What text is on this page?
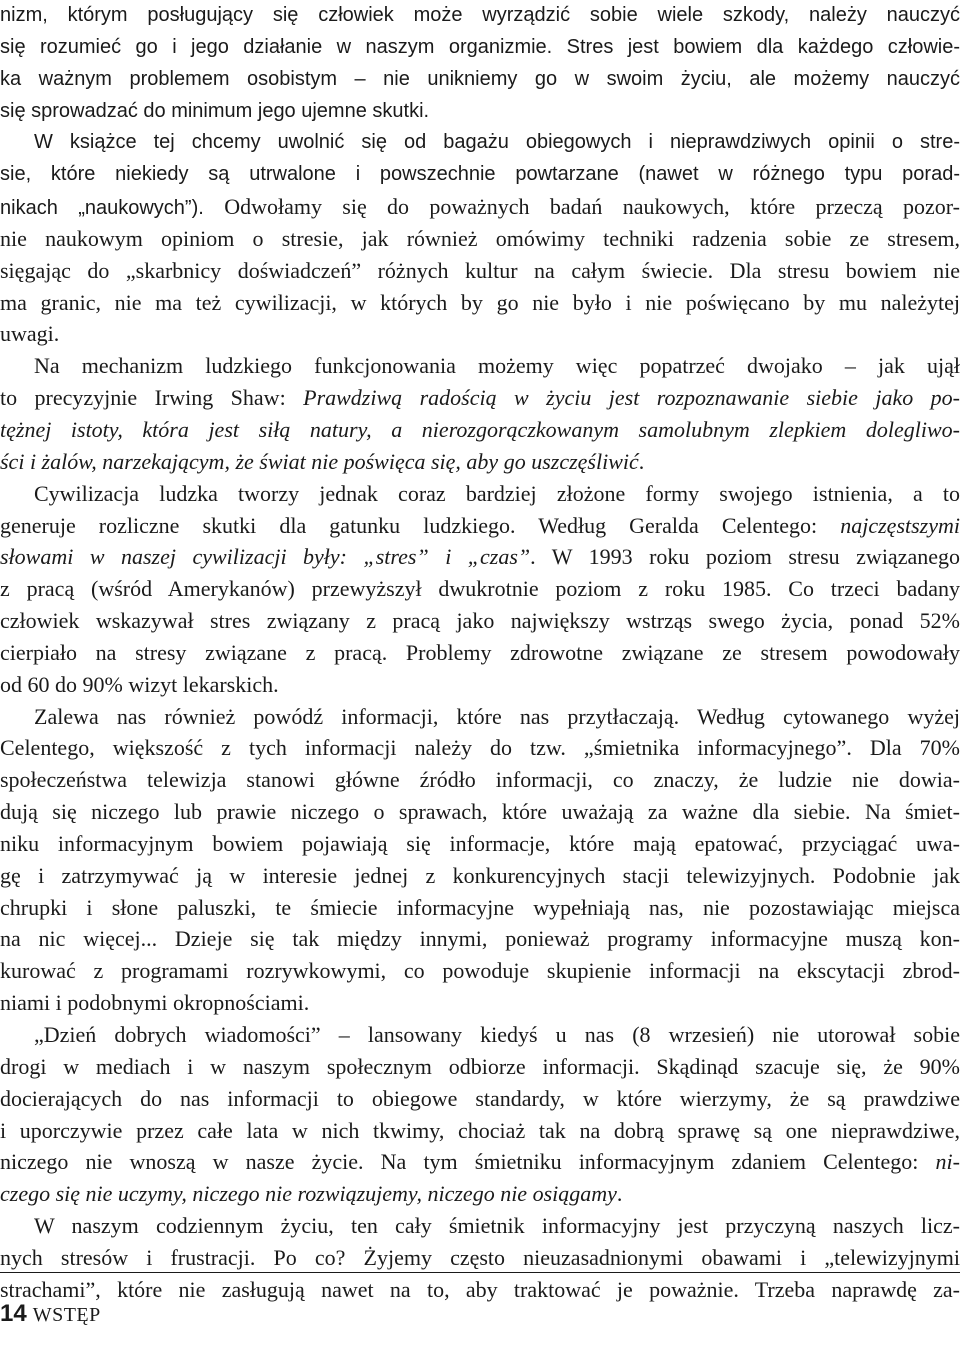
nizm, którym posługujący się człowiek może wyrządzić sobie wiele szkody, należy nauczyć
się rozumieć go i jego działanie w naszym organizmie. Stres jest bowiem dla każdego człowie-
ka ważnym problemem osobistym – nie unikniemy go w swoim życiu, ale możemy nauczyć
się sprowadzać do minimum jego ujemne skutki.
W książce tej chcemy uwolnić się od bagażu obiegowych i nieprawdziwych opinii o stre-
sie, które niekiedy są utrwalone i powszechnie powtarzane (nawet w różnego typu porad-
nikach „naukowych”). Odwołamy się do poważnych badań naukowych, które przeczą pozor-
nie naukowym opiniom o stresie, jak również omówimy techniki radzenia sobie ze stresem,
sięgając do „skarbnicy doświadczeń” różnych kultur na całym świecie. Dla stresu bowiem nie
ma granic, nie ma też cywilizacji, w których by go nie było i nie poświęcano by mu należytej
uwagi.
Na mechanizm ludzkiego funkcjonowania możemy więc popatrzeć dwojako – jak ujął
to precyzyjnie Irwing Shaw: Prawdziwą radością w życiu jest rozpoznawanie siebie jako po-
tężnej istoty, która jest siłą natury, a nierozgorączkowanym samolubnym zlepkiem dolegliwo-
ści i żalów, narzekającym, że świat nie poświęca się, aby go uszczęśliwić.
Cywilizacja ludzka tworzy jednak coraz bardziej złożone formy swojego istnienia, a to
generuje rozliczne skutki dla gatunku ludzkiego. Według Geralda Celentego: najczęstszymi
słowami w naszej cywilizacji były: „stres” i „czas”. W 1993 roku poziom stresu związanego
z pracą (wśród Amerykanów) przewyższył dwukrotnie poziom z roku 1985. Co trzeci badany
człowiek wskazywał stres związany z pracą jako największy wstrząs swego życia, ponad 52%
cierpiało na stresy związane z pracą. Problemy zdrowotne związane ze stresem powodowały
od 60 do 90% wizyt lekarskich.
Zalewa nas również powódź informacji, które nas przytłaczają. Według cytowanego wyżej
Celentego, większość z tych informacji należy do tzw. „śmietnika informacyjnego”. Dla 70%
społeczeństwa telewizja stanowi główne źródło informacji, co znaczy, że ludzie nie dowia-
dują się niczego lub prawie niczego o sprawach, które uważają za ważne dla siebie. Na śmiet-
niku informacyjnym bowiem pojawiają się informacje, które mają epatować, przyciągać uwa-
gę i zatrzymywać ją w interesie jednej z konkurencyjnych stacji telewizyjnych. Podobnie jak
chrupki i słone paluszki, te śmiecie informacyjne wypełniają nas, nie pozostawiając miejsca
na nic więcej... Dzieje się tak między innymi, ponieważ programy informacyjne muszą kon-
kurować z programami rozrywkowymi, co powoduje skupienie informacji na ekscytacji zbrod-
niami i podobnymi okropnościami.
„Dzień dobrych wiadomości” – lansowany kiedyś u nas (8 wrzesień) nie utorował sobie
drogi w mediach i w naszym społecznym odbiorze informacji. Skądinąd szacuje się, że 90%
docierających do nas informacji to obiegowe standardy, w które wierzymy, że są prawdziwe
i uporczywie przez całe lata w nich tkwimy, chociaż tak na dobrą sprawę są one nieprawdziwe,
niczego nie wnoszą w nasze życie. Na tym śmietniku informacyjnym zdaniem Celentego: ni-
czego się nie uczymy, niczego nie rozwiązujemy, niczego nie osiągamy.
W naszym codziennym życiu, ten cały śmietnik informacyjny jest przyczyną naszych licz-
nych stresów i frustracji. Po co? Żyjemy często nieuzasadnionymi obawami i „telewizyjnymi
strachami”, które nie zasługują nawet na to, aby traktować je poważnie. Trzeba naprawdę za-
14 WSTĘP
